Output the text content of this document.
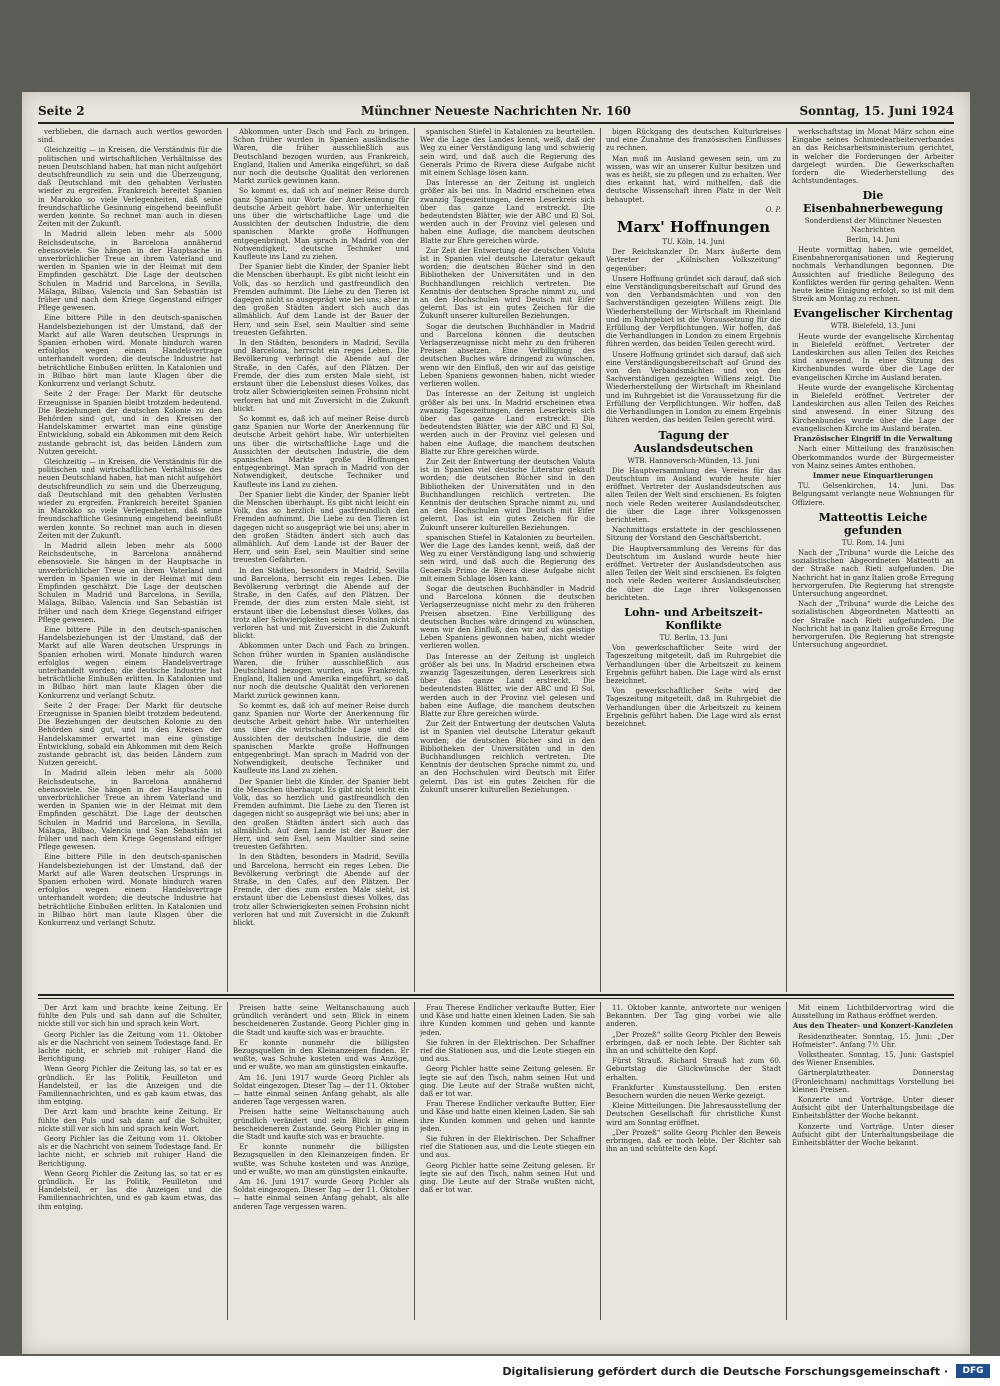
Seite 2	Münchner Neueste Nachrichten Nr. 160	Sonntag, 15. Juni 1924

verblieben, die darnach auch wertlos geworden sind.

Gleichzeitig — in Kreisen, die Verständnis für die politischen und wirtschaftlichen Verhältnisse des neuen Deutschland haben, hat man nicht aufgehört deutschfreundlich zu sein und die Überzeugung, daß Deutschland mit den gehabten Verlusten wieder zu ergreifen. Frankreich bereitet Spanien in Marokko so viele Verlegenheiten, daß seine freundschaftliche Gesinnung eingehend beeinflußt werden konnte. So rechnet man auch in diesen Zeiten mit der Zukunft.

In Madrid allein leben mehr als 5000 Reichsdeutsche, in Barcelona annähernd ebensoviele. Sie hängen in der Hauptsache in unverbrüchlicher Treue an ihrem Vaterland und werden in Spanien wie in der Heimat mit dem Empfinden geschätzt. Die Lage der deutschen Schulen in Madrid und Barcelona, in Sevilla, Málaga, Bilbao, Valencia und San Sebastián ist früher und nach dem Kriege Gegenstand eifriger Pflege gewesen.

Eine bittere Pille in den deutsch-spanischen Handelsbeziehungen ist der Umstand, daß der Markt auf alle Waren deutschen Ursprungs in Spanien erhoben wird. Monate hindurch waren erfolglos wegen einem Handelsvertrage unterhandelt worden; die deutsche Industrie hat beträchtliche Einbußen erlitten. In Katalonien und in Bilbao hört man laute Klagen über die Konkurrenz und verlangt Schutz.

Seite 2 der Frage: Der Markt für deutsche Erzeugnisse in Spanien bleibt trotzdem bedeutend. Die Beziehungen der deutschen Kolonie zu den Behörden sind gut, und in den Kreisen der Handelskammer erwartet man eine günstige Entwicklung, sobald ein Abkommen mit dem Reich zustande gebracht ist, das beiden Ländern zum Nutzen gereicht.

Gleichzeitig — in Kreisen, die Verständnis für die politischen und wirtschaftlichen Verhältnisse des neuen Deutschland haben, hat man nicht aufgehört deutschfreundlich zu sein und die Überzeugung, daß Deutschland mit den gehabten Verlusten wieder zu ergreifen. Frankreich bereitet Spanien in Marokko so viele Verlegenheiten, daß seine freundschaftliche Gesinnung eingehend beeinflußt werden konnte. So rechnet man auch in diesen Zeiten mit der Zukunft.

In Madrid allein leben mehr als 5000 Reichsdeutsche, in Barcelona annähernd ebensoviele. Sie hängen in der Hauptsache in unverbrüchlicher Treue an ihrem Vaterland und werden in Spanien wie in der Heimat mit dem Empfinden geschätzt. Die Lage der deutschen Schulen in Madrid und Barcelona, in Sevilla, Málaga, Bilbao, Valencia und San Sebastián ist früher und nach dem Kriege Gegenstand eifriger Pflege gewesen.

Eine bittere Pille in den deutsch-spanischen Handelsbeziehungen ist der Umstand, daß der Markt auf alle Waren deutschen Ursprungs in Spanien erhoben wird. Monate hindurch waren erfolglos wegen einem Handelsvertrage unterhandelt worden; die deutsche Industrie hat beträchtliche Einbußen erlitten. In Katalonien und in Bilbao hört man laute Klagen über die Konkurrenz und verlangt Schutz.

Seite 2 der Frage: Der Markt für deutsche Erzeugnisse in Spanien bleibt trotzdem bedeutend. Die Beziehungen der deutschen Kolonie zu den Behörden sind gut, und in den Kreisen der Handelskammer erwartet man eine günstige Entwicklung, sobald ein Abkommen mit dem Reich zustande gebracht ist, das beiden Ländern zum Nutzen gereicht.

In Madrid allein leben mehr als 5000 Reichsdeutsche, in Barcelona annähernd ebensoviele. Sie hängen in der Hauptsache in unverbrüchlicher Treue an ihrem Vaterland und werden in Spanien wie in der Heimat mit dem Empfinden geschätzt. Die Lage der deutschen Schulen in Madrid und Barcelona, in Sevilla, Málaga, Bilbao, Valencia und San Sebastián ist früher und nach dem Kriege Gegenstand eifriger Pflege gewesen.

Eine bittere Pille in den deutsch-spanischen Handelsbeziehungen ist der Umstand, daß der Markt auf alle Waren deutschen Ursprungs in Spanien erhoben wird. Monate hindurch waren erfolglos wegen einem Handelsvertrage unterhandelt worden; die deutsche Industrie hat beträchtliche Einbußen erlitten. In Katalonien und in Bilbao hört man laute Klagen über die Konkurrenz und verlangt Schutz.

Abkommen unter Dach und Fach zu bringen. Schon früher wurden in Spanien ausländische Waren, die früher ausschließlich aus Deutschland bezogen wurden, aus Frankreich, England, Italien und Amerika eingeführt, so daß nur noch die deutsche Qualität den verlorenen Markt zurück gewinnen kann.

So kommt es, daß ich auf meiner Reise durch ganz Spanien nur Worte der Anerkennung für deutsche Arbeit gehört habe. Wir unterhielten uns über die wirtschaftliche Lage und die Aussichten der deutschen Industrie, die dem spanischen Markte große Hoffnungen entgegenbringt. Man sprach in Madrid von der Notwendigkeit, deutsche Techniker und Kaufleute ins Land zu ziehen.

Der Spanier liebt die Kinder, der Spanier liebt die Menschen überhaupt. Es gibt nicht leicht ein Volk, das so herzlich und gastfreundlich den Fremden aufnimmt. Die Liebe zu den Tieren ist dagegen nicht so ausgeprägt wie bei uns; aber in den großen Städten ändert sich auch das allmählich. Auf dem Lande ist der Bauer der Herr, und sein Esel, sein Maultier sind seine treuesten Gefährten.

In den Städten, besonders in Madrid, Sevilla und Barcelona, herrscht ein reges Leben. Die Bevölkerung verbringt die Abende auf der Straße, in den Cafés, auf den Plätzen. Der Fremde, der dies zum ersten Male sieht, ist erstaunt über die Lebenslust dieses Volkes, das trotz aller Schwierigkeiten seinen Frohsinn nicht verloren hat und mit Zuversicht in die Zukunft blickt.

So kommt es, daß ich auf meiner Reise durch ganz Spanien nur Worte der Anerkennung für deutsche Arbeit gehört habe. Wir unterhielten uns über die wirtschaftliche Lage und die Aussichten der deutschen Industrie, die dem spanischen Markte große Hoffnungen entgegenbringt. Man sprach in Madrid von der Notwendigkeit, deutsche Techniker und Kaufleute ins Land zu ziehen.

Der Spanier liebt die Kinder, der Spanier liebt die Menschen überhaupt. Es gibt nicht leicht ein Volk, das so herzlich und gastfreundlich den Fremden aufnimmt. Die Liebe zu den Tieren ist dagegen nicht so ausgeprägt wie bei uns; aber in den großen Städten ändert sich auch das allmählich. Auf dem Lande ist der Bauer der Herr, und sein Esel, sein Maultier sind seine treuesten Gefährten.

In den Städten, besonders in Madrid, Sevilla und Barcelona, herrscht ein reges Leben. Die Bevölkerung verbringt die Abende auf der Straße, in den Cafés, auf den Plätzen. Der Fremde, der dies zum ersten Male sieht, ist erstaunt über die Lebenslust dieses Volkes, das trotz aller Schwierigkeiten seinen Frohsinn nicht verloren hat und mit Zuversicht in die Zukunft blickt.

Abkommen unter Dach und Fach zu bringen. Schon früher wurden in Spanien ausländische Waren, die früher ausschließlich aus Deutschland bezogen wurden, aus Frankreich, England, Italien und Amerika eingeführt, so daß nur noch die deutsche Qualität den verlorenen Markt zurück gewinnen kann.

So kommt es, daß ich auf meiner Reise durch ganz Spanien nur Worte der Anerkennung für deutsche Arbeit gehört habe. Wir unterhielten uns über die wirtschaftliche Lage und die Aussichten der deutschen Industrie, die dem spanischen Markte große Hoffnungen entgegenbringt. Man sprach in Madrid von der Notwendigkeit, deutsche Techniker und Kaufleute ins Land zu ziehen.

Der Spanier liebt die Kinder, der Spanier liebt die Menschen überhaupt. Es gibt nicht leicht ein Volk, das so herzlich und gastfreundlich den Fremden aufnimmt. Die Liebe zu den Tieren ist dagegen nicht so ausgeprägt wie bei uns; aber in den großen Städten ändert sich auch das allmählich. Auf dem Lande ist der Bauer der Herr, und sein Esel, sein Maultier sind seine treuesten Gefährten.

In den Städten, besonders in Madrid, Sevilla und Barcelona, herrscht ein reges Leben. Die Bevölkerung verbringt die Abende auf der Straße, in den Cafés, auf den Plätzen. Der Fremde, der dies zum ersten Male sieht, ist erstaunt über die Lebenslust dieses Volkes, das trotz aller Schwierigkeiten seinen Frohsinn nicht verloren hat und mit Zuversicht in die Zukunft blickt.

spanischen Stiefel in Katalonien zu beurteilen. Wer die Lage des Landes kennt, weiß, daß der Weg zu einer Verständigung lang und schwierig sein wird, und daß auch die Regierung des Generals Primo de Rivera diese Aufgabe nicht mit einem Schlage lösen kann.

Das Interesse an der Zeitung ist ungleich größer als bei uns. In Madrid erscheinen etwa zwanzig Tageszeitungen, deren Leserkreis sich über das ganze Land erstreckt. Die bedeutendsten Blätter, wie der ABC und El Sol, werden auch in der Provinz viel gelesen und haben eine Auflage, die manchem deutschen Blatte zur Ehre gereichen würde.

Zur Zeit der Entwertung der deutschen Valuta ist in Spanien viel deutsche Literatur gekauft worden; die deutschen Bücher sind in den Bibliotheken der Universitäten und in den Buchhandlungen reichlich vertreten. Die Kenntnis der deutschen Sprache nimmt zu, und an den Hochschulen wird Deutsch mit Eifer gelernt. Das ist ein gutes Zeichen für die Zukunft unserer kulturellen Beziehungen.

Sogar die deutschen Buchhändler in Madrid und Barcelona können die deutschen Verlagserzeugnisse nicht mehr zu den früheren Preisen absetzen. Eine Verbilligung des deutschen Buches wäre dringend zu wünschen, wenn wir den Einfluß, den wir auf das geistige Leben Spaniens gewonnen haben, nicht wieder verlieren wollen.

Das Interesse an der Zeitung ist ungleich größer als bei uns. In Madrid erscheinen etwa zwanzig Tageszeitungen, deren Leserkreis sich über das ganze Land erstreckt. Die bedeutendsten Blätter, wie der ABC und El Sol, werden auch in der Provinz viel gelesen und haben eine Auflage, die manchem deutschen Blatte zur Ehre gereichen würde.

Zur Zeit der Entwertung der deutschen Valuta ist in Spanien viel deutsche Literatur gekauft worden; die deutschen Bücher sind in den Bibliotheken der Universitäten und in den Buchhandlungen reichlich vertreten. Die Kenntnis der deutschen Sprache nimmt zu, und an den Hochschulen wird Deutsch mit Eifer gelernt. Das ist ein gutes Zeichen für die Zukunft unserer kulturellen Beziehungen.

spanischen Stiefel in Katalonien zu beurteilen. Wer die Lage des Landes kennt, weiß, daß der Weg zu einer Verständigung lang und schwierig sein wird, und daß auch die Regierung des Generals Primo de Rivera diese Aufgabe nicht mit einem Schlage lösen kann.

Sogar die deutschen Buchhändler in Madrid und Barcelona können die deutschen Verlagserzeugnisse nicht mehr zu den früheren Preisen absetzen. Eine Verbilligung des deutschen Buches wäre dringend zu wünschen, wenn wir den Einfluß, den wir auf das geistige Leben Spaniens gewonnen haben, nicht wieder verlieren wollen.

Das Interesse an der Zeitung ist ungleich größer als bei uns. In Madrid erscheinen etwa zwanzig Tageszeitungen, deren Leserkreis sich über das ganze Land erstreckt. Die bedeutendsten Blätter, wie der ABC und El Sol, werden auch in der Provinz viel gelesen und haben eine Auflage, die manchem deutschen Blatte zur Ehre gereichen würde.

Zur Zeit der Entwertung der deutschen Valuta ist in Spanien viel deutsche Literatur gekauft worden; die deutschen Bücher sind in den Bibliotheken der Universitäten und in den Buchhandlungen reichlich vertreten. Die Kenntnis der deutschen Sprache nimmt zu, und an den Hochschulen wird Deutsch mit Eifer gelernt. Das ist ein gutes Zeichen für die Zukunft unserer kulturellen Beziehungen.

bigen Rückgang des deutschen Kulturkreises und eine Zunahme des französischen Einflusses zu rechnen.

Man muß im Ausland gewesen sein, um zu wissen, was wir an unserer Kultur besitzen und was es heißt, sie zu pflegen und zu erhalten. Wer dies erkannt hat, wird mithelfen, daß die deutsche Wissenschaft ihren Platz in der Welt behauptet.

O. P.

Marx' Hoffnungen
TU. Köln, 14. Juni

Der Reichskanzler Dr. Marx äußerte dem Vertreter der „Kölnischen Volkszeitung“ gegenüber:

Unsere Hoffnung gründet sich darauf, daß sich eine Verständigungsbereitschaft auf Grund des von den Verbandsmächten und von den Sachverständigen gezeigten Willens zeigt. Die Wiederherstellung der Wirtschaft im Rheinland und im Ruhrgebiet ist die Voraussetzung für die Erfüllung der Verpflichtungen. Wir hoffen, daß die Verhandlungen in London zu einem Ergebnis führen werden, das beiden Teilen gerecht wird.

Unsere Hoffnung gründet sich darauf, daß sich eine Verständigungsbereitschaft auf Grund des von den Verbandsmächten und von den Sachverständigen gezeigten Willens zeigt. Die Wiederherstellung der Wirtschaft im Rheinland und im Ruhrgebiet ist die Voraussetzung für die Erfüllung der Verpflichtungen. Wir hoffen, daß die Verhandlungen in London zu einem Ergebnis führen werden, das beiden Teilen gerecht wird.

Tagung der Auslandsdeutschen
WTB. Hannoversch-Münden, 13. Juni

Die Hauptversammlung des Vereins für das Deutschtum im Ausland wurde heute hier eröffnet. Vertreter der Auslandsdeutschen aus allen Teilen der Welt sind erschienen. Es folgten noch viele Reden weiterer Auslandsdeutscher, die über die Lage ihrer Volksgenossen berichteten.

Nachmittags erstattete in der geschlossenen Sitzung der Vorstand den Geschäftsbericht.

Die Hauptversammlung des Vereins für das Deutschtum im Ausland wurde heute hier eröffnet. Vertreter der Auslandsdeutschen aus allen Teilen der Welt sind erschienen. Es folgten noch viele Reden weiterer Auslandsdeutscher, die über die Lage ihrer Volksgenossen berichteten.

Lohn- und Arbeitszeit-Konflikte
TU. Berlin, 13. Juni

Von gewerkschaftlicher Seite wird der Tageszeitung mitgeteilt, daß im Ruhrgebiet die Verhandlungen über die Arbeitszeit zu keinem Ergebnis geführt haben. Die Lage wird als ernst bezeichnet.

Von gewerkschaftlicher Seite wird der Tageszeitung mitgeteilt, daß im Ruhrgebiet die Verhandlungen über die Arbeitszeit zu keinem Ergebnis geführt haben. Die Lage wird als ernst bezeichnet.

werkschaftstag im Monat März schon eine Eingabe seines Schmiedearbeiterverbandes an das Reichsarbeitsministerium gerichtet, in welcher die Forderungen der Arbeiter dargelegt wurden. Die Gewerkschaften fordern die Wiederherstellung des Achtstundentages.

Die Eisenbahnerbewegung
Sonderdienst der Münchner Neuesten Nachrichten
Berlin, 14. Juni

Heute vormittag haben, wie gemeldet, Eisenbahnerorganisationen und Regierung nochmals Verhandlungen begonnen. Die Aussichten auf friedliche Beilegung des Konfliktes werden für gering gehalten. Wenn heute keine Einigung erfolgt, so ist mit dem Streik am Montag zu rechnen.

Evangelischer Kirchentag
WTB. Bielefeld, 13. Juni

Heute wurde der evangelische Kirchentag in Bielefeld eröffnet. Vertreter der Landeskirchen aus allen Teilen des Reiches sind anwesend. In einer Sitzung des Kirchenbundes wurde über die Lage der evangelischen Kirche im Ausland beraten.

Heute wurde der evangelische Kirchentag in Bielefeld eröffnet. Vertreter der Landeskirchen aus allen Teilen des Reiches sind anwesend. In einer Sitzung des Kirchenbundes wurde über die Lage der evangelischen Kirche im Ausland beraten.

Französischer Eingriff in die Verwaltung

Nach einer Mitteilung des französischen Oberkommandos wurde der Bürgermeister von Mainz seines Amtes enthoben.

Immer neue Einquartierungen

TU. Gelsenkirchen, 14. Juni. Das Belgungsamt verlangte neue Wohnungen für Offiziere.

Matteottis Leiche gefunden
TU. Rom, 14. Juni

Nach der „Tribuna“ wurde die Leiche des sozialistischen Abgeordneten Matteotti an der Straße nach Rieti aufgefunden. Die Nachricht hat in ganz Italien große Erregung hervorgerufen. Die Regierung hat strengste Untersuchung angeordnet.

Nach der „Tribuna“ wurde die Leiche des sozialistischen Abgeordneten Matteotti an der Straße nach Rieti aufgefunden. Die Nachricht hat in ganz Italien große Erregung hervorgerufen. Die Regierung hat strengste Untersuchung angeordnet.

Der Arzt kam und brachte keine Zeitung. Er fühlte den Puls und sah dann auf die Schulter, nickte still vor sich hin und sprach kein Wort.

Georg Pichler las die Zeitung vom 11. Oktober als er die Nachricht von seinem Todestage fand. Er lachte nicht, er schrieb mit ruhiger Hand die Berichtigung.

Wenn Georg Pichler die Zeitung las, so tat er es gründlich. Er las Politik, Feuilleton und Handelsteil, er las die Anzeigen und die Familiennachrichten, und es gab kaum etwas, das ihm entging.

Der Arzt kam und brachte keine Zeitung. Er fühlte den Puls und sah dann auf die Schulter, nickte still vor sich hin und sprach kein Wort.

Georg Pichler las die Zeitung vom 11. Oktober als er die Nachricht von seinem Todestage fand. Er lachte nicht, er schrieb mit ruhiger Hand die Berichtigung.

Wenn Georg Pichler die Zeitung las, so tat er es gründlich. Er las Politik, Feuilleton und Handelsteil, er las die Anzeigen und die Familiennachrichten, und es gab kaum etwas, das ihm entging.

Preisen hatte seine Weltanschauung auch gründlich verändert und sein Blick in einem bescheideneren Zustande. Georg Pichler ging in die Stadt und kaufte sich was er brauchte.

Er konnte nunmehr die billigsten Bezugsquellen in den Kleinanzeigen finden. Er wußte, was Schuhe kosteten und was Anzüge, und er wußte, wo man am günstigsten einkaufte.

Am 16. Juni 1917 wurde Georg Pichler als Soldat eingezogen. Dieser Tag — der 11. Oktober — hatte einmal seinen Anfang gehabt, als alle anderen Tage vergessen waren.

Preisen hatte seine Weltanschauung auch gründlich verändert und sein Blick in einem bescheideneren Zustande. Georg Pichler ging in die Stadt und kaufte sich was er brauchte.

Er konnte nunmehr die billigsten Bezugsquellen in den Kleinanzeigen finden. Er wußte, was Schuhe kosteten und was Anzüge, und er wußte, wo man am günstigsten einkaufte.

Am 16. Juni 1917 wurde Georg Pichler als Soldat eingezogen. Dieser Tag — der 11. Oktober — hatte einmal seinen Anfang gehabt, als alle anderen Tage vergessen waren.

Frau Therese Endlicher verkaufte Butter, Eier und Käse und hatte einen kleinen Laden. Sie sah ihre Kunden kommen und gehen und kannte jeden.

Sie fuhren in der Elektrischen. Der Schaffner rief die Stationen aus, und die Leute stiegen ein und aus.

Georg Pichler hatte seine Zeitung gelesen. Er legte sie auf den Tisch, nahm seinen Hut und ging. Die Leute auf der Straße wußten nicht, daß er tot war.

Frau Therese Endlicher verkaufte Butter, Eier und Käse und hatte einen kleinen Laden. Sie sah ihre Kunden kommen und gehen und kannte jeden.

Sie fuhren in der Elektrischen. Der Schaffner rief die Stationen aus, und die Leute stiegen ein und aus.

Georg Pichler hatte seine Zeitung gelesen. Er legte sie auf den Tisch, nahm seinen Hut und ging. Die Leute auf der Straße wußten nicht, daß er tot war.

11. Oktober kannte, antwortete nur wenigen Bekannten. Der Tag ging vorbei wie alle anderen.

„Der Prozeß“ sollte Georg Pichler den Beweis erbringen, daß er noch lebte. Der Richter sah ihn an und schüttelte den Kopf.

Fürst Strauß. Richard Strauß hat zum 60. Geburtstag die Glückwünsche der Stadt erhalten.

Frankfurter Kunstausstellung. Den ersten Besuchern wurden die neuen Werke gezeigt.

Kleine Mitteilungen. Die Jahresausstellung der Deutschen Gesellschaft für christliche Kunst wird am Sonntag eröffnet.

„Der Prozeß“ sollte Georg Pichler den Beweis erbringen, daß er noch lebte. Der Richter sah ihn an und schüttelte den Kopf.

Mit einem Lichtbildervortrag wird die Ausstellung im Rathaus eröffnet werden.

Aus den Theater- und Konzert-Kanzleien

Residenztheater. Sonntag, 15. Juni: „Der Hofmeister“. Anfang 7½ Uhr.

Volkstheater. Sonntag, 15. Juni: Gastspiel des Wiener Ensembles.

Gärtnerplatztheater. Donnerstag (Fronleichnam) nachmittags Vorstellung bei kleinen Preisen.

Konzerte und Vorträge. Unter dieser Aufsicht gibt der Unterhaltungsbeilage die Einheitsblätter der Woche bekannt.

Konzerte und Vorträge. Unter dieser Aufsicht gibt der Unterhaltungsbeilage die Einheitsblätter der Woche bekannt.

Digitalisierung gefördert durch die Deutsche Forschungsgemeinschaft ·	DFG
